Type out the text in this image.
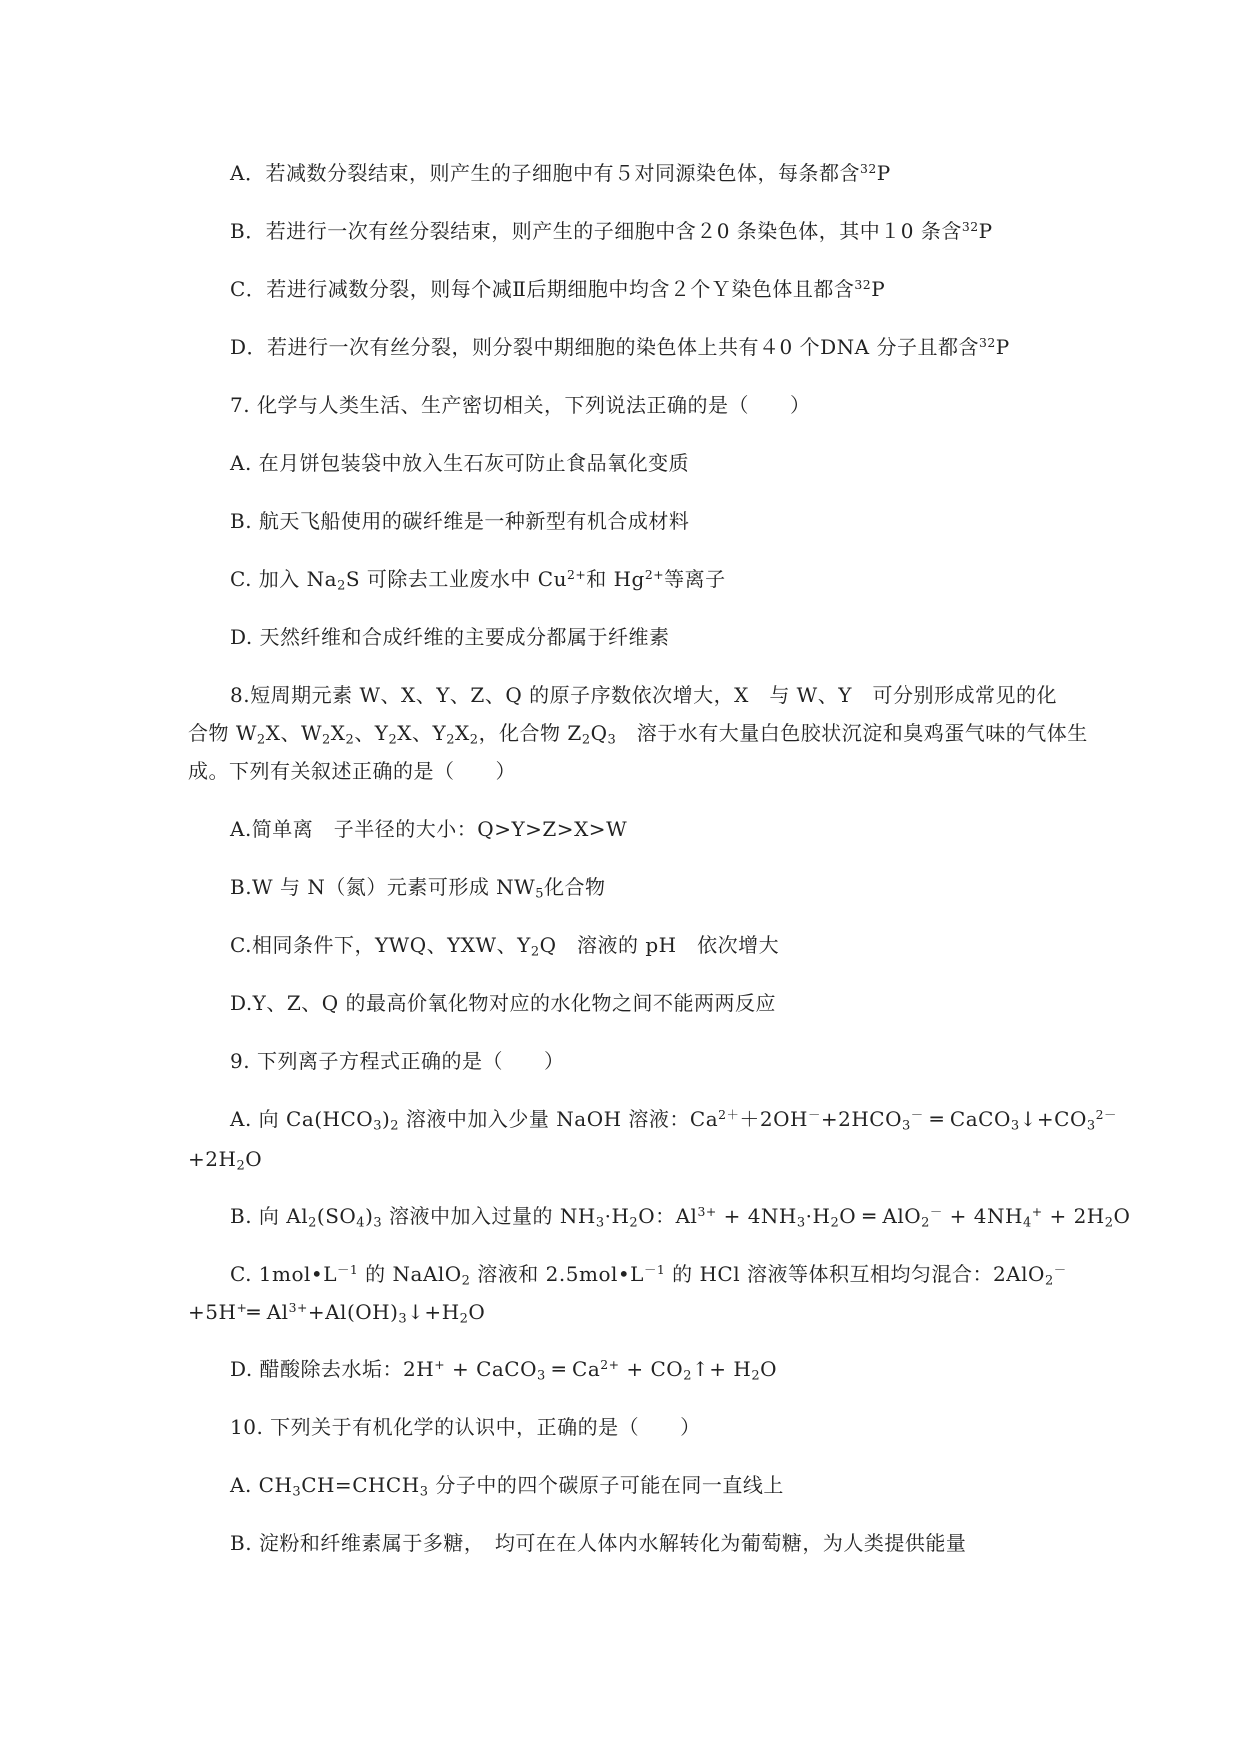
A．若减数分裂结束，则产生的子细胞中有５对同源染色体，每条都含$^{32}$P
B．若进行一次有丝分裂结束，则产生的子细胞中含２0 条染色体，其中１0 条含$^{32}$P
C．若进行减数分裂，则每个减Ⅱ后期细胞中均含２个Ｙ染色体且都含$^{32}$P
D．若进行一次有丝分裂，则分裂中期细胞的染色体上共有４0 个DNA 分子且都含$^{32}$P
7. 化学与人类生活、生产密切相关，下列说法正确的是（　　）
A. 在月饼包装袋中放入生石灰可防止食品氧化变质
B. 航天飞船使用的碳纤维是一种新型有机合成材料
C. 加入 $Na_2S$ 可除去工业废水中 $Cu^{2+}$和 $Hg^{2+}$等离子
D. 天然纤维和合成纤维的主要成分都属于纤维素
8.短周期元素 W、X、Y、Z、Q 的原子序数依次增大，X　与 W、Y　可分别形成常见的化
合物 $W_2X$、$W_2X_2$、$Y_2X$、$Y_2X_2$，化合物 $Z_2Q_3$　溶于水有大量白色胶状沉淀和臭鸡蛋气味的气体生
成。下列有关叙述正确的是（　　）
A.简单离　子半径的大小：Q>Y>Z>X>W
B.W 与 N（氮）元素可形成 $NW_5$化合物
C.相同条件下，YWQ、YXW、$Y_2Q$　溶液的 pH　依次增大
D.Y、Z、Q 的最高价氧化物对应的水化物之间不能两两反应
9. 下列离子方程式正确的是（　　）
A. 向 $Ca(HCO_3)_2$ 溶液中加入少量 NaOH 溶液：$Ca^{2+}+2OH^-+2HCO_3^-$ ═ $CaCO_3↓+CO_3^{2-}$
$+2H_2O$
B. 向 $Al_2(SO_4)_3$ 溶液中加入过量的 $NH_3\cdot H_2O$：$Al^{3+} + 4NH_3\cdot H_2O$ ═ $AlO_2^- + 4NH_4^+ + 2H_2O$
C. $1mol•L^{-1}$ 的 NaAlO$_2$ 溶液和 $2.5mol•L^{-1}$ 的 HCl 溶液等体积互相均匀混合：2AlO$_2$－
+5H+═ $Al^{3+}+Al(OH)_3↓+H_2O$
D. 醋酸除去水垢：2H+ + CaCO$_3$ ═ $Ca^{2+}$ + $CO_2↑+ H_2O$
10. 下列关于有机化学的认识中，正确的是（　　）
A. $CH_3CH=CHCH_3$ 分子中的四个碳原子可能在同一直线上
B. 淀粉和纤维素属于多糖，　均可在在人体内水解转化为葡萄糖，为人类提供能量
